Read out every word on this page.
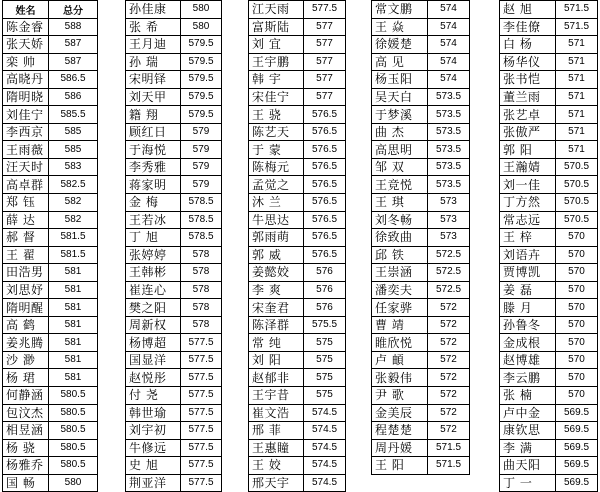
姓名	总分
陈金睿	588
张天娇	587
栾 帅	587
高晓丹	586.5
隋明晓	586
刘佳宁	585.5
李西京	585
王雨薇	585
汪天时	583
高卓群	582.5
郑 钰	582
薛 达	582
郝 督	581.5
王 翟	581.5
田浩男	581
刘思妤	581
隋明醒	581
高 鹤	581
姜兆腾	581
沙 渺	581
杨 珺	581
何静涵	580.5
包汶杰	580.5
相昱涵	580.5
杨 骁	580.5
杨雅乔	580.5
国 畅	580
孙佳康	580
张 希	580
王月迪	579.5
孙 瑞	579.5
宋明铎	579.5
刘天甲	579.5
籍 翔	579.5
顾红日	579
于海悦	579
李秀雅	579
蒋家明	579
金 梅	578.5
王若冰	578.5
丁 旭	578.5
张婷婷	578
王韩彬	578
崔连心	578
樊之阳	578
周新权	578
杨博超	577.5
国显洋	577.5
赵悦彤	577.5
付 尧	577.5
韩世瑜	577.5
刘宇初	577.5
牛修远	577.5
史 旭	577.5
荆亚洋	577.5
江天雨	577.5
富斯陆	577
刘 宜	577
王宇鹏	577
韩 宇	577
宋佳宁	577
王 骁	576.5
陈艺天	576.5
于 蒙	576.5
陈梅元	576.5
孟觉之	576.5
沐 兰	576.5
牛思达	576.5
郭雨萌	576.5
郭 威	576.5
姜懿姣	576
李 爽	576
宋奎君	576
陈泽群	575.5
常 纯	575
刘 阳	575
赵郁非	575
王宇昔	575
崔文浩	574.5
邢 菲	574.5
王惠瞳	574.5
王 姣	574.5
邢天宇	574.5
常文鹏	574
王 焱	574
徐媛楚	574
高 见	574
杨玉阳	574
吴天白	573.5
于梦溪	573.5
曲 杰	573.5
高思明	573.5
邹 双	573.5
王竞悦	573.5
王 琪	573
刘冬畅	573
徐致曲	573
邱 铁	572.5
王崇涵	572.5
潘奕夫	572.5
任家骅	572
曹 靖	572
睢欣悦	572
卢 頔	572
张毅伟	572
尹 歌	572
金美辰	572
程楚楚	572
周丹媛	571.5
王 阳	571.5
赵 旭	571.5
李佳僚	571.5
白 杨	571
杨华仪	571
张书恺	571
董兰雨	571
张艺卓	571
张傲严	571
郭 阳	571
王瀚婧	570.5
刘一佳	570.5
丁方然	570.5
常志远	570.5
王 梓	570
刘语卉	570
贾博凯	570
姜 磊	570
滕 月	570
孙鲁冬	570
金成根	570
赵博雄	570
李云鹏	570
张 楠	570
卢中金	569.5
康钦思	569.5
李 满	569.5
曲天阳	569.5
丁 一	569.5
